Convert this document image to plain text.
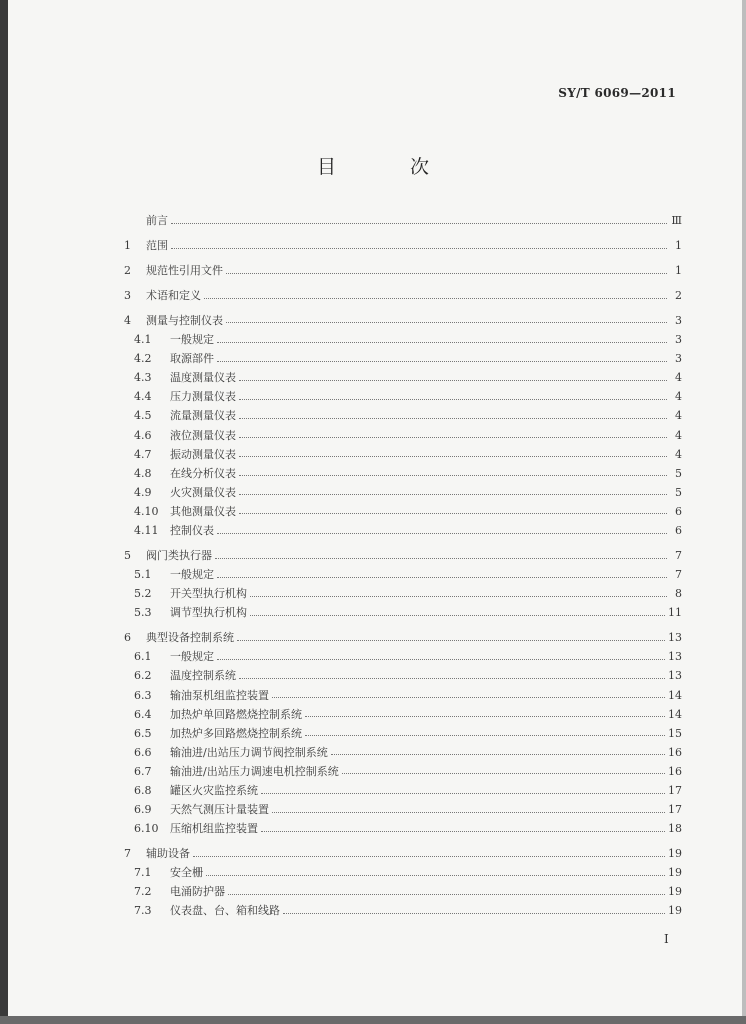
SY/T 6069—2011
目 次
前言	Ⅲ
1	范围	1
2	规范性引用文件	1
3	术语和定义	2
4	测量与控制仪表	3
4.1	一般规定	3
4.2	取源部件	3
4.3	温度测量仪表	4
4.4	压力测量仪表	4
4.5	流量测量仪表	4
4.6	液位测量仪表	4
4.7	振动测量仪表	4
4.8	在线分析仪表	5
4.9	火灾测量仪表	5
4.10	其他测量仪表	6
4.11	控制仪表	6
5	阀门类执行器	7
5.1	一般规定	7
5.2	开关型执行机构	8
5.3	调节型执行机构	11
6	典型设备控制系统	13
6.1	一般规定	13
6.2	温度控制系统	13
6.3	输油泵机组监控装置	14
6.4	加热炉单回路燃烧控制系统	14
6.5	加热炉多回路燃烧控制系统	15
6.6	输油进/出站压力调节阀控制系统	16
6.7	输油进/出站压力调速电机控制系统	16
6.8	罐区火灾监控系统	17
6.9	天然气测压计量装置	17
6.10	压缩机组监控装置	18
7	辅助设备	19
7.1	安全栅	19
7.2	电涌防护器	19
7.3	仪表盘、台、箱和线路	19
I
